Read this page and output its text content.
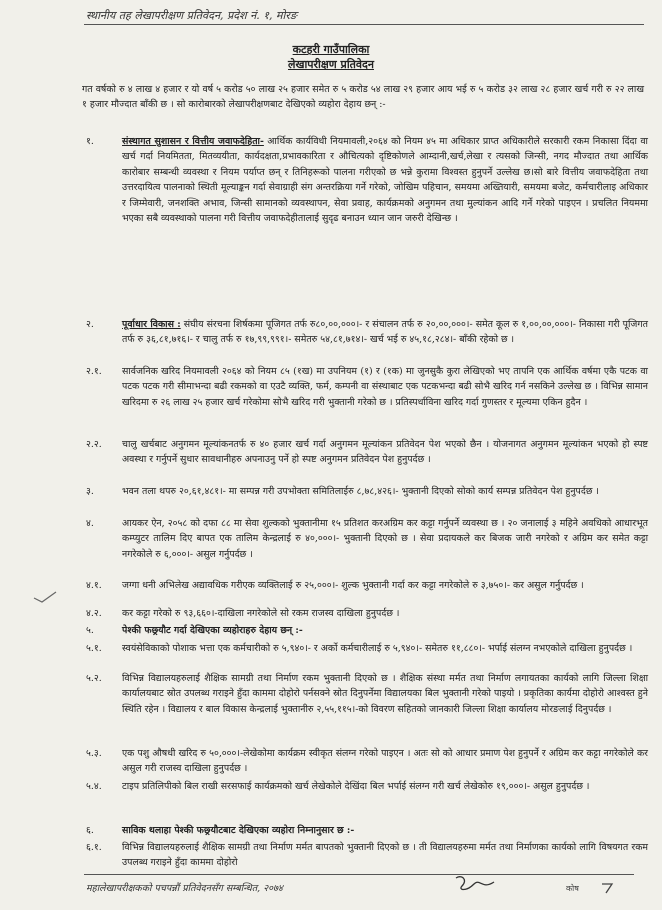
स्थानीय तह लेखापरीक्षण प्रतिवेदन, प्रदेश नं. १, मोरङ
कटहरी गाउँपालिका
लेखापरीक्षण प्रतिवेदन

गत वर्षको रु ४ लाख ४ हजार र यो वर्ष ५ करोड ५० लाख २५ हजार समेत रु ५ करोड ५४ लाख २९ हजार आय भई रु ५ करोड ३२ लाख २८ हजार खर्च गरी रु २२ लाख १ हजार मौज्दात बाँकी छ । सो कारोबारको लेखापरीक्षणबाट देखिएको व्यहोरा देहाय छन् :-

१.	संस्थागत सुशासन र वित्तीय जवाफदेहिता- आर्थिक कार्यविधी नियमावली,२०६४ को नियम ४५ मा अधिकार प्राप्त अधिकारीले सरकारी रकम निकासा दिंदा वा खर्च गर्दा नियमितता, मितव्ययीता, कार्यदक्षता,प्रभावकारिता र औचित्यको दृष्टिकोणले आम्दानी,खर्च,लेखा र त्यसको जिन्सी, नगद मौज्दात तथा आर्थिक कारोबार सम्बन्धी व्यवस्था र नियम पर्याप्त छन् र तिनिहरूको पालना गरीएको छ भन्ने कुरामा विश्वस्त हुनुपर्ने उल्लेख छ।सो बारे वित्तीय जवाफदेहिता तथा उत्तरदायित्व पालनाको स्थिती मूल्याङ्कन गर्दा सेवाग्राही संग अन्तरक्रिया गर्ने गरेको, जोखिम पहिचान, समयमा अख्तियारी, समयमा बजेट, कर्मचारीलाइ अधिकार र जिम्मेवारी, जनशक्ति अभाव, जिन्सी सामानको व्यवस्थापन, सेवा प्रवाह, कार्यक्रमको अनुगमन तथा मुल्यांकन आदि गर्ने गरेको पाइएन । प्रचलित नियममा भएका सबै व्यवस्थाको पालना गरी वित्तीय जवाफदेहीतालाई सुदृढ बनाउन ध्यान जान जरुरी देखिन्छ ।

२.	पूर्वाधार विकास : संघीय संरचना शिर्षकमा पूजिगत तर्फ रु८०,००,०००।- र संचालन तर्फ रु २०,००,०००।- समेत कूल रु १,००,००,०००।- निकासा गरी पूजिगत तर्फ रु ३६,८१,७१६।- र चालु तर्फ रु १७,९९,९९१।- समेतरु ५४,८१,७१४।- खर्च भई रु ४५,१८,२८४।- बाँकी रहेको छ ।

२.१.	सार्वजनिक खरिद नियमावली २०६४ को नियम ८५ (१ख) मा उपनियम (१) र (१क) मा जुनसुकै कुरा लेखिएको भए तापनि एक आर्थिक वर्षमा एकै पटक वा पटक पटक गरी सीमाभन्दा बढी रकमको वा एउटै व्यक्ति, फर्म, कम्पनी वा संस्थाबाट एक पटकभन्दा बढी सोभै खरिद गर्न नसकिने उल्लेख छ । विभिन्न सामान खरिदमा रु २६ लाख २५ हजार खर्च गरेकोमा सोभै खरिद गरी भुक्तानी गरेको छ । प्रतिस्पर्धाविना खरिद गर्दा गुणस्तर र मूल्यमा एकिन हुदैन ।

२.२.	चालु खर्चबाट अनुगमन मूल्यांकनतर्फ रु ४० हजार खर्च गर्दा अनुगमन मूल्यांकन प्रतिवेदन पेश भएको छैन । योजनागत अनुगमन मूल्यांकन भएको हो स्पष्ट अवस्था र गर्नुपर्ने सुधार सावधानीहरु अपनाउनु पर्ने हो स्पष्ट अनुगमन प्रतिवेदन पेश हुनुपर्दछ ।

३.	भवन तला थपरु २०,६१,४८१।- मा सम्पन्न गरी उपभोक्ता समितिलाईरु ८,७८,४२६।- भुक्तानी दिएको सोको कार्य सम्पन्न प्रतिवेदन पेश हुनुपर्दछ ।

४.	आयकर ऐन, २०५८ को दफा ८८ मा सेवा शुल्कको भुक्तानीमा १५ प्रतिशत करअग्रिम कर कट्टा गर्नुपर्ने व्यवस्था छ । २० जनालाई ३ महिने अवधिको आधारभूत कम्प्युटर तालिम दिए बापत एक तालिम केन्द्रलाई रु ४०,०००।- भुक्तानी दिएको छ । सेवा प्रदायकले कर बिजक जारी नगरेको र अग्रिम कर समेत कट्टा नगरेकोले रु ६,०००।- असुल गर्नुपर्दछ ।

४.१.	जग्गा धनी अभिलेख अद्यावधिक गरीएक व्यक्तिलाई रु २५,०००।- शुल्क भुक्तानी गर्दा कर कट्टा नगरेकोले रु ३,७५०।- कर असुल गर्नुपर्दछ ।

४.२.	कर कट्टा गरेको रु ९३,६६०।-दाखिला नगरेकोले सो रकम राजस्व दाखिला हुनुपर्दछ ।

५.	पेश्की फछ्र्यौट गर्दा देखिएका व्यहोराहरु देहाय छन् :-

५.१.	स्वयंसेविकाको पोशाक भत्ता एक कर्मचारीको रु ५,९४०।- र अर्को कर्मचारीलाई रु ५,९४०।- समेतरु ११,८८०।- भर्पाई संलग्न नभएकोले दाखिला हुनुपर्दछ ।

५.२.	विभिन्न विद्यालयहरुलाई शैक्षिक सामग्री तथा निर्माण रकम भुक्तानी दिएको छ । शैक्षिक संस्था मर्मत तथा निर्माण लगायतका कार्यको लागि जिल्ला शिक्षा कार्यालयबाट स्रोत उपलब्ध गराइने हुँदा काममा दोहोरो पर्नसक्ने स्रोत दिनुपर्नेमा विद्यालयका बिल भुक्तानी गरेको पाइयो । प्रकृतिका कार्यमा दोहोरो आश्वस्त हुने स्थिति रहेन । विद्यालय र बाल विकास केन्द्रलाई भुक्तानीरु २,५५,११५।-को विवरण सहितको जानकारी जिल्ला शिक्षा कार्यालय मोरङलाई दिनुपर्दछ ।

५.३.	एक पशु औषधी खरिद रु ५०,०००।-लेखेकोमा कार्यक्रम स्वीकृत संलग्न गरेको पाइएन । अतः सो को आधार प्रमाण पेश हुनुपर्ने र अग्रिम कर कट्टा नगरेकोले कर असुल गरी राजस्व दाखिला हुनुपर्दछ ।

५.४.	टाइप प्रतिलिपीको बिल राखी सरसफाई कार्यक्रमको खर्च लेखेकोले देखिंदा बिल भर्पाई संलग्न गरी खर्च लेखेकोरु १९,०००।- असुल हुनुपर्दछ ।

६.	साविक थलाहा पेश्की फछ्र्यौटबाट देखिएका व्यहोरा निम्नानुसार छ :-

६.१.	विभिन्न विद्यालयहरुलाई शैक्षिक सामग्री तथा निर्माण मर्मत बापतको भुक्तानी दिएको छ । ती विद्यालयहरुमा मर्मत तथा निर्माणका कार्यको लागि विषयगत रकम उपलब्ध गराइने हुँदा काममा दोहोरो

महालेखापरीक्षकको पचपन्नौं प्रतिवेदनसँग सम्बन्धित, २०७४	कोष
